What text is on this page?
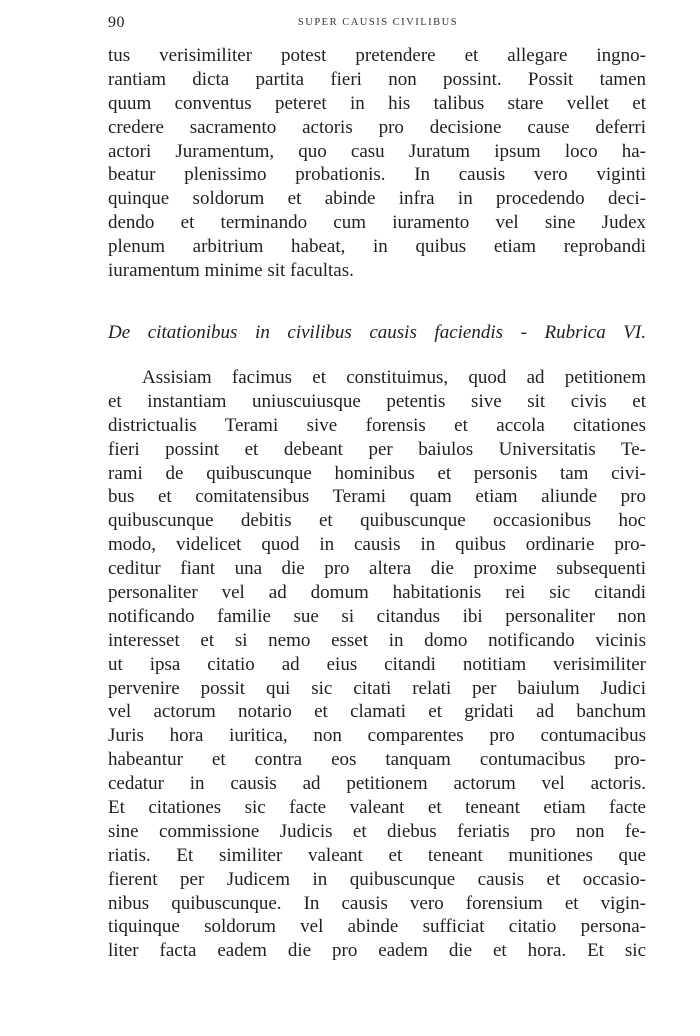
90	SUPER CAUSIS CIVILIBUS
tus verisimiliter potest pretendere et allegare ingno-
rantiam dicta partita fieri non possint. Possit tamen
quum conventus peteret in his talibus stare vellet et
credere sacramento actoris pro decisione cause deferri
actori Juramentum, quo casu Juratum ipsum loco ha-
beatur plenissimo probationis. In causis vero viginti
quinque soldorum et abinde infra in procedendo deci-
dendo et terminando cum iuramento vel sine Judex
plenum arbitrium habeat, in quibus etiam reprobandi
iuramentum minime sit facultas.
De citationibus in civilibus causis faciendis - Rubrica VI.
Assisiam facimus et constituimus, quod ad petitionem
et instantiam uniuscuiusque petentis sive sit civis et
districtualis Terami sive forensis et accola citationes
fieri possint et debeant per baiulos Universitatis Te-
rami de quibuscunque hominibus et personis tam civi-
bus et comitatensibus Terami quam etiam aliunde pro
quibuscunque debitis et quibuscunque occasionibus hoc
modo, videlicet quod in causis in quibus ordinarie pro-
ceditur fiant una die pro altera die proxime subsequenti
personaliter vel ad domum habitationis rei sic citandi
notificando familie sue si citandus ibi personaliter non
interesset et si nemo esset in domo notificando vicinis
ut ipsa citatio ad eius citandi notitiam verisimiliter
pervenire possit qui sic citati relati per baiulum Judici
vel actorum notario et clamati et gridati ad banchum
Juris hora iuritica, non comparentes pro contumacibus
habeantur et contra eos tanquam contumacibus pro-
cedatur in causis ad petitionem actorum vel actoris.
Et citationes sic facte valeant et teneant etiam facte
sine commissione Judicis et diebus feriatis pro non fe-
riatis. Et similiter valeant et teneant munitiones que
fierent per Judicem in quibuscunque causis et occasio-
nibus quibuscunque. In causis vero forensium et vigin-
tiquinque soldorum vel abinde sufficiat citatio persona-
liter facta eadem die pro eadem die et hora. Et sic
